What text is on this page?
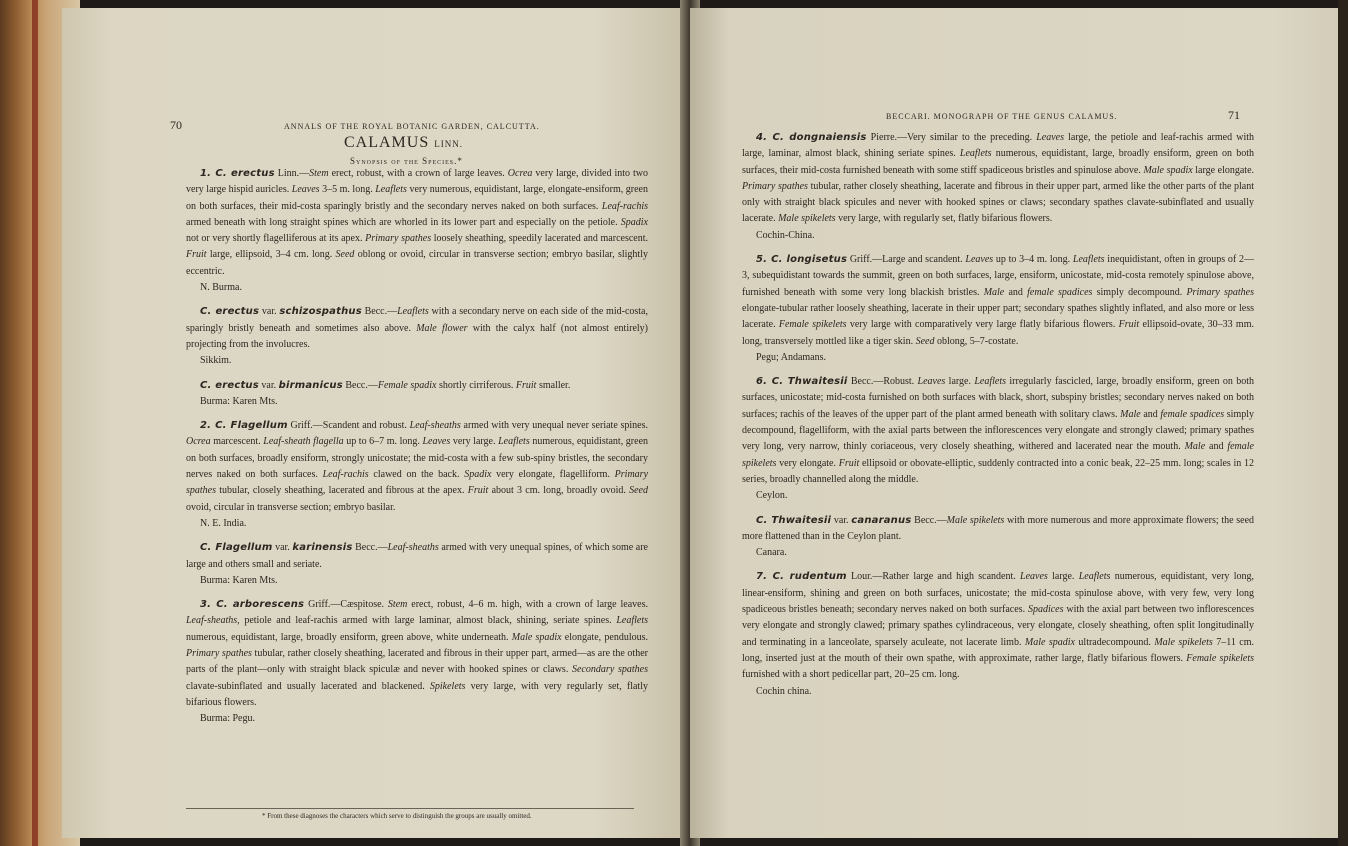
70	ANNALS OF THE ROYAL BOTANIC GARDEN, CALCUTTA.
CALAMUS LINN.
Synopsis of the Species.*

1. C. erectus Linn.—Stem erect, robust, with a crown of large leaves. Ocrea very large, divided into two very large hispid auricles. Leaves 3–5 m. long. Leaflets very numerous, equidistant, large, elongate-ensiform, green on both surfaces, their mid-costa sparingly bristly and the secondary nerves naked on both surfaces. Leaf-rachis armed beneath with long straight spines which are whorled in its lower part and especially on the petiole. Spadix not or very shortly flagelliferous at its apex. Primary spathes loosely sheathing, speedily lacerated and marcescent. Fruit large, ellipsoid, 3–4 cm. long. Seed oblong or ovoid, circular in transverse section; embryo basilar, slightly eccentric.

N. Burma.

C. erectus var. schizospathus Becc.—Leaflets with a secondary nerve on each side of the mid-costa, sparingly bristly beneath and sometimes also above. Male flower with the calyx half (not almost entirely) projecting from the involucres.

Sikkim.

C. erectus var. birmanicus Becc.—Female spadix shortly cirriferous. Fruit smaller.

Burma: Karen Mts.

2. C. Flagellum Griff.—Scandent and robust. Leaf-sheaths armed with very unequal never seriate spines. Ocrea marcescent. Leaf-sheath flagella up to 6–7 m. long. Leaves very large. Leaflets numerous, equidistant, green on both surfaces, broadly ensiform, strongly unicostate; the mid-costa with a few sub-spiny bristles, the secondary nerves naked on both surfaces. Leaf-rachis clawed on the back. Spadix very elongate, flagelliform. Primary spathes tubular, closely sheathing, lacerated and fibrous at the apex. Fruit about 3 cm. long, broadly ovoid. Seed ovoid, circular in transverse section; embryo basilar.

N. E. India.

C. Flagellum var. karinensis Becc.—Leaf-sheaths armed with very unequal spines, of which some are large and others small and seriate.

Burma: Karen Mts.

3. C. arborescens Griff.—Cæspitose. Stem erect, robust, 4–6 m. high, with a crown of large leaves. Leaf-sheaths, petiole and leaf-rachis armed with large laminar, almost black, shining, seriate spines. Leaflets numerous, equidistant, large, broadly ensiform, green above, white underneath. Male spadix elongate, pendulous. Primary spathes tubular, rather closely sheathing, lacerated and fibrous in their upper part, armed—as are the other parts of the plant—only with straight black spiculæ and never with hooked spines or claws. Secondary spathes clavate-subinflated and usually lacerated and blackened. Spikelets very large, with very regularly set, flatly bifarious flowers.

Burma: Pegu.

* From these diagnoses the characters which serve to distinguish the groups are usually omitted.
BECCARI. MONOGRAPH OF THE GENUS CALAMUS.	71

4. C. dongnaiensis Pierre.—Very similar to the preceding. Leaves large, the petiole and leaf-rachis armed with large, laminar, almost black, shining seriate spines. Leaflets numerous, equidistant, large, broadly ensiform, green on both surfaces, their mid-costa furnished beneath with some stiff spadiceous bristles and spinulose above. Male spadix large elongate. Primary spathes tubular, rather closely sheathing, lacerate and fibrous in their upper part, armed like the other parts of the plant only with straight black spicules and never with hooked spines or claws; secondary spathes clavate-subinflated and usually lacerate. Male spikelets very large, with regularly set, flatly bifarious flowers.

Cochin-China.

5. C. longisetus Griff.—Large and scandent. Leaves up to 3–4 m. long. Leaflets inequidistant, often in groups of 2—3, subequidistant towards the summit, green on both surfaces, large, ensiform, unicostate, mid-costa remotely spinulose above, furnished beneath with some very long blackish bristles. Male and female spadices simply decompound. Primary spathes elongate-tubular rather loosely sheathing, lacerate in their upper part; secondary spathes slightly inflated, and also more or less lacerate. Female spikelets very large with comparatively very large flatly bifarious flowers. Fruit ellipsoid-ovate, 30–33 mm. long, transversely mottled like a tiger skin. Seed oblong, 5–7-costate.

Pegu; Andamans.

6. C. Thwaitesii Becc.—Robust. Leaves large. Leaflets irregularly fascicled, large, broadly ensiform, green on both surfaces, unicostate; mid-costa furnished on both surfaces with black, short, subspiny bristles; secondary nerves naked on both surfaces; rachis of the leaves of the upper part of the plant armed beneath with solitary claws. Male and female spadices simply decompound, flagelliform, with the axial parts between the inflorescences very elongate and strongly clawed; primary spathes very long, very narrow, thinly coriaceous, very closely sheathing, withered and lacerated near the mouth. Male and female spikelets very elongate. Fruit ellipsoid or obovate-elliptic, suddenly contracted into a conic beak, 22–25 mm. long; scales in 12 series, broadly channelled along the middle.

Ceylon.

C. Thwaitesii var. canaranus Becc.—Male spikelets with more numerous and more approximate flowers; the seed more flattened than in the Ceylon plant.

Canara.

7. C. rudentum Lour.—Rather large and high scandent. Leaves large. Leaflets numerous, equidistant, very long, linear-ensiform, shining and green on both surfaces, unicostate; the mid-costa spinulose above, with very few, very long spadiceous bristles beneath; secondary nerves naked on both surfaces. Spadices with the axial part between two inflorescences very elongate and strongly clawed; primary spathes cylindraceous, very elongate, closely sheathing, often split longitudinally and terminating in a lanceolate, sparsely aculeate, not lacerate limb. Male spadix ultradecompound. Male spikelets 7–11 cm. long, inserted just at the mouth of their own spathe, with approximate, rather large, flatly bifarious flowers. Female spikelets furnished with a short pedicellar part, 20–25 cm. long.

Cochin china.
